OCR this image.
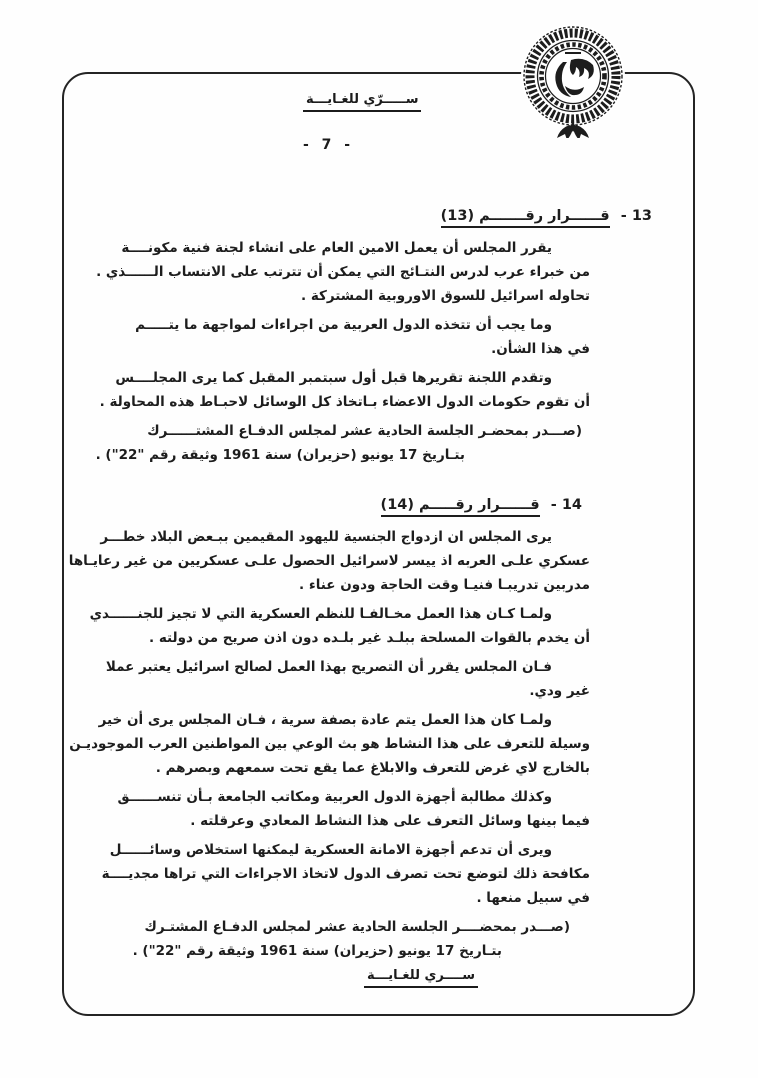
ســـــرّي للغـايـــة
- 7 -
13 - قــــــرار رقـــــــم (13)
يقرر المجلس أن يعمل الامين العام على انشاء لجنة فنية مكونــــة
من خبراء عرب لدرس النتـائج التي يمكن أن تترتب على الانتساب الــــــذي .
تحاوله اسرائيل للسوق الاوروبية المشتركة .
وما يجب أن تتخذه الدول العربية من اجراءات لمواجهة ما يتـــــم
في هذا الشأن.
وتقدم اللجنة تقريرها قبل أول سبتمبر المقبل كما يرى المجلــــس
أن تقوم حكومات الدول الاعضاء بـاتخاذ كل الوسائل لاحبـاط هذه المحاولة .
(صـــدر بمحضـر الجلسة الحادية عشر لمجلس الدفـاع المشتــــــرك
بتـاريخ 17 يونيو (حزيران) سنة 1961 وثيقة رقم "22") .
14 - قــــــرار رقـــــم (14)
يرى المجلس ان ازدواج الجنسية لليهود المقيمين ببـعض البلاد خطـــر
عسكري علـى العربه اذ ييسر لاسرائيل الحصول علـى عسكريين من غير رعايـاها
مدربين تدريبـا فنيـا وقت الحاجة ودون عناء .
ولمـا كـان هذا العمل مخـالفـا للنظم العسكرية التي لا تجيز للجنــــــدي
أن يخدم بالقوات المسلحة ببلـد غير بلـده دون اذن صريح من دولته .
فـان المجلس يقرر أن التصريح بهذا العمل لصالح اسرائيل يعتبر عملا
غير ودي.
ولمـا كان هذا العمل يتم عادة بصفة سرية ، فـان المجلس يرى أن خير
وسيلة للتعرف على هذا النشاط هو بث الوعي بين المواطنين العرب الموجوديـن
بالخارج لاي غرض للتعرف والابلاغ عما يقع تحت سمعهم وبصرهم .
وكذلك مطالبة أجهزة الدول العربية ومكاتب الجامعة بـأن تنســــــق
فيما بينها وسائل التعرف على هذا النشاط المعادي وعرقلته .
ويرى أن تدعم أجهزة الامانة العسكرية ليمكنها استخلاص وسائــــــل
مكافحة ذلك لتوضع تحت تصرف الدول لاتخاذ الاجراءات التي تراها مجديــــة
في سبيل منعها .
(صـــدر بمحضــــر الجلسة الحادية عشر لمجلس الدفـاع المشتـرك
بتـاريخ 17 يونيو (حزيران) سنة 1961 وثيقة رقم "22") .
ســــري للغـايـــة
